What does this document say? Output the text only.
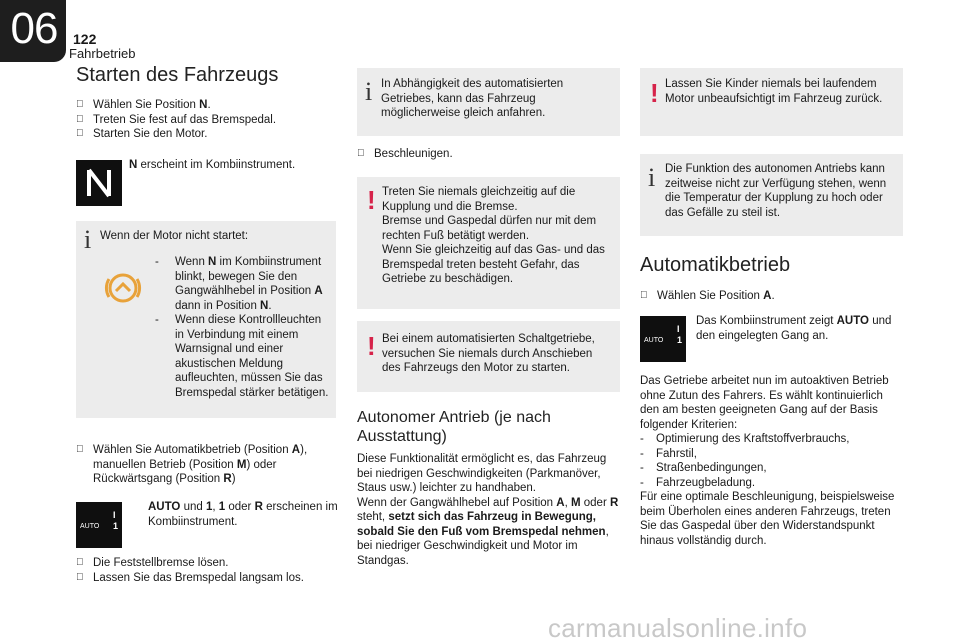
06	122
Fahrbetrieb
Starten des Fahrzeugs
Wählen Sie Position N.
Treten Sie fest auf das Bremspedal.
Starten Sie den Motor.
N erscheint im Kombiinstrument.
i Wenn der Motor nicht startet:
- Wenn N im Kombiinstrument blinkt, bewegen Sie den Gangwählhebel in Position A dann in Position N.
- Wenn diese Kontrollleuchten in Verbindung mit einem Warnsignal und einer akustischen Meldung aufleuchten, müssen Sie das Bremspedal stärker betätigen.
Wählen Sie Automatikbetrieb (Position A), manuellen Betrieb (Position M) oder Rückwärtsgang (Position R)
AUTO
I
1
AUTO und 1, 1 oder R erscheinen im Kombiinstrument.
Die Feststellbremse lösen.
Lassen Sie das Bremspedal langsam los.
i In Abhängigkeit des automatisierten Getriebes, kann das Fahrzeug möglicherweise gleich anfahren.
Beschleunigen.
! Treten Sie niemals gleichzeitig auf die Kupplung und die Bremse.
Bremse und Gaspedal dürfen nur mit dem rechten Fuß betätigt werden.
Wenn Sie gleichzeitig auf das Gas- und das Bremspedal treten besteht Gefahr, das Getriebe zu beschädigen.
! Bei einem automatisierten Schaltgetriebe, versuchen Sie niemals durch Anschieben des Fahrzeugs den Motor zu starten.
Autonomer Antrieb (je nach Ausstattung)
Diese Funktionalität ermöglicht es, das Fahrzeug bei niedrigen Geschwindigkeiten (Parkmanöver, Staus usw.) leichter zu handhaben.
Wenn der Gangwählhebel auf Position A, M oder R steht, setzt sich das Fahrzeug in Bewegung, sobald Sie den Fuß vom Bremspedal nehmen, bei niedriger Geschwindigkeit und Motor im Standgas.
! Lassen Sie Kinder niemals bei laufendem Motor unbeaufsichtigt im Fahrzeug zurück.
i Die Funktion des autonomen Antriebs kann zeitweise nicht zur Verfügung stehen, wenn die Temperatur der Kupplung zu hoch oder das Gefälle zu steil ist.
Automatikbetrieb
Wählen Sie Position A.
AUTO
I
1
Das Kombiinstrument zeigt AUTO und den eingelegten Gang an.
Das Getriebe arbeitet nun im autoaktiven Betrieb ohne Zutun des Fahrers. Es wählt kontinuierlich den am besten geeigneten Gang auf der Basis folgender Kriterien:
- Optimierung des Kraftstoffverbrauchs,
- Fahrstil,
- Straßenbedingungen,
- Fahrzeugbeladung.
Für eine optimale Beschleunigung, beispielsweise beim Überholen eines anderen Fahrzeugs, treten Sie das Gaspedal über den Widerstandspunkt hinaus vollständig durch.
carmanualsonline.info
